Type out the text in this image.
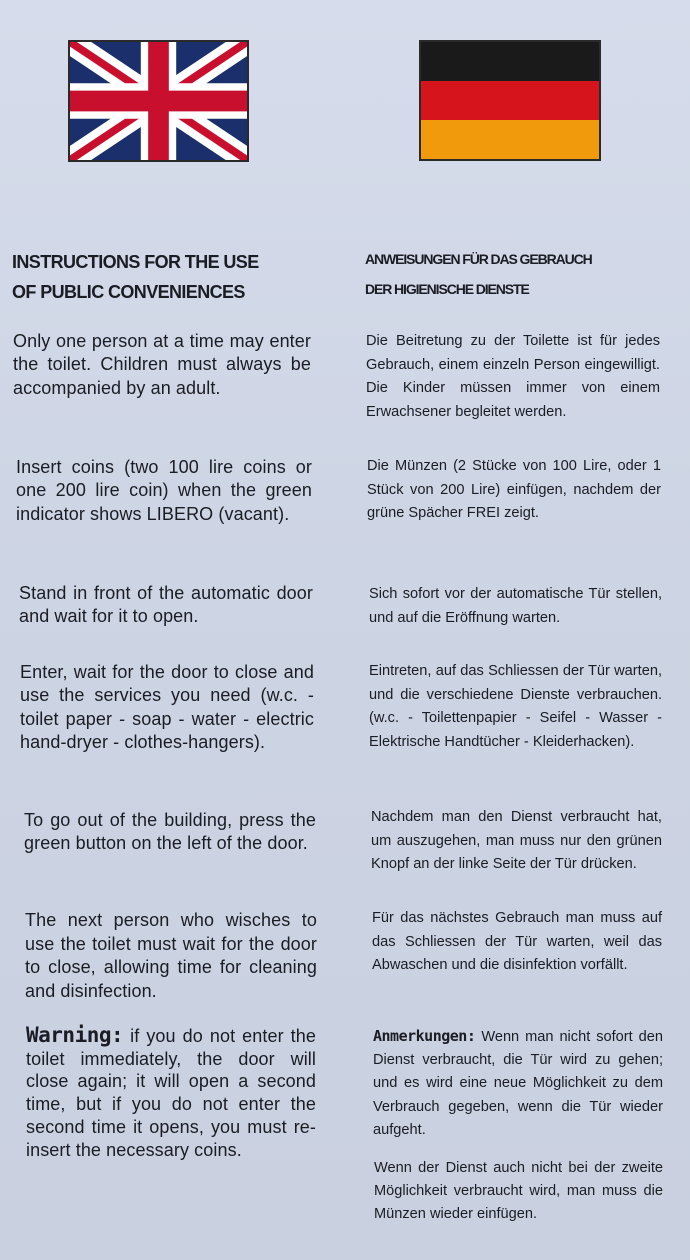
INSTRUCTIONS FOR THE USE
OF PUBLIC CONVENIENCES

Only one person at a time may enter the toilet. Children must always be accompanied by an adult.

Insert coins (two 100 lire coins or one 200 lire coin) when the green indicator shows LIBERO (vacant).

Stand in front of the automatic door and wait for it to open.

Enter, wait for the door to close and use the services you need (w.c. - toilet paper - soap - water - electric hand-dryer - clothes-hangers).

To go out of the building, press the green button on the left of the door.

The next person who wisches to use the toilet must wait for the door to close, allowing time for cleaning and disinfection.

Warning: if you do not enter the toilet immediately, the door will close again; it will open a second time, but if you do not enter the second time it opens, you must re-insert the necessary coins.

ANWEISUNGEN FÜR DAS GEBRAUCH
DER HIGIENISCHE DIENSTE

Die Beitretung zu der Toilette ist für jedes Gebrauch, einem einzeln Person eingewilligt. Die Kinder müssen immer von einem Erwachsener begleitet werden.

Die Münzen (2 Stücke von 100 Lire, oder 1 Stück von 200 Lire) einfügen, nachdem der grüne Spächer FREI zeigt.

Sich sofort vor der automatische Tür stellen, und auf die Eröffnung warten.

Eintreten, auf das Schliessen der Tür warten, und die verschiedene Dienste verbrauchen. (w.c. - Toilettenpapier - Seifel - Wasser - Elektrische Handtücher - Kleiderhacken).

Nachdem man den Dienst verbraucht hat, um auszugehen, man muss nur den grünen Knopf an der linke Seite der Tür drücken.

Für das nächstes Gebrauch man muss auf das Schliessen der Tür warten, weil das Abwaschen und die disinfektion vorfällt.

Anmerkungen: Wenn man nicht sofort den Dienst verbraucht, die Tür wird zu gehen; und es wird eine neue Möglichkeit zu dem Verbrauch gegeben, wenn die Tür wieder aufgeht.

Wenn der Dienst auch nicht bei der zweite Möglichkeit verbraucht wird, man muss die Münzen wieder einfügen.
